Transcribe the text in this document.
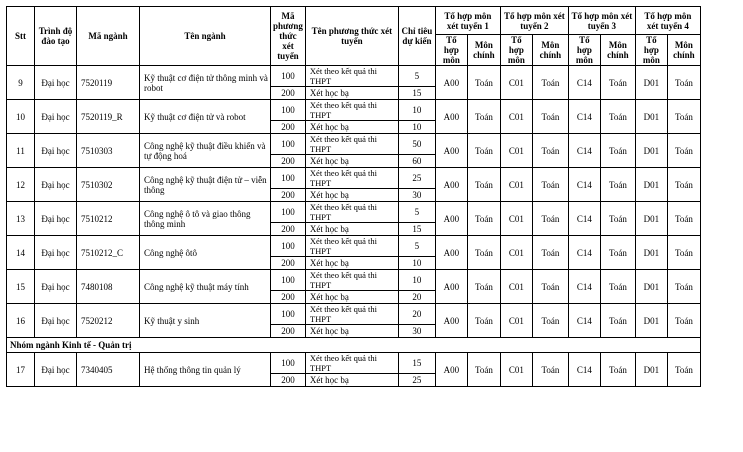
Stt	Trình độ đào tạo	Mã ngành	Tên ngành	Mã phương thức xét tuyển	Tên phương thức xét tuyển	Chỉ tiêu dự kiến	Tổ hợp môn xét tuyển 1		Tổ hợp môn xét tuyển 2		Tổ hợp môn xét tuyển 3		Tổ hợp môn xét tuyển 4	
							Tổ hợp môn	Môn chính	Tổ hợp môn	Môn chính	Tổ hợp môn	Môn chính	Tổ hợp môn	Môn chính
9	Đại học	7520119	Kỹ thuật cơ điện tử thông minh và robot	100	Xét theo kết quả thi THPT	5	A00	Toán	C01	Toán	C14	Toán	D01	Toán
				200	Xét học bạ	15								
10	Đại học	7520119_R	Kỹ thuật cơ điện tử và robot	100	Xét theo kết quả thi THPT	10	A00	Toán	C01	Toán	C14	Toán	D01	Toán
				200	Xét học bạ	10								
11	Đại học	7510303	Công nghệ kỹ thuật điều khiển và tự động hoá	100	Xét theo kết quả thi THPT	50	A00	Toán	C01	Toán	C14	Toán	D01	Toán
				200	Xét học bạ	60								
12	Đại học	7510302	Công nghệ kỹ thuật điện tử – viễn thông	100	Xét theo kết quả thi THPT	25	A00	Toán	C01	Toán	C14	Toán	D01	Toán
				200	Xét học bạ	30								
13	Đại học	7510212	Công nghệ ô tô và giao thông thông minh	100	Xét theo kết quả thi THPT	5	A00	Toán	C01	Toán	C14	Toán	D01	Toán
				200	Xét học bạ	15								
14	Đại học	7510212_C	Công nghệ ôtô	100	Xét theo kết quả thi THPT	5	A00	Toán	C01	Toán	C14	Toán	D01	Toán
				200	Xét học bạ	10								
15	Đại học	7480108	Công nghệ kỹ thuật máy tính	100	Xét theo kết quả thi THPT	10	A00	Toán	C01	Toán	C14	Toán	D01	Toán
				200	Xét học bạ	20								
16	Đại học	7520212	Kỹ thuật y sinh	100	Xét theo kết quả thi THPT	20	A00	Toán	C01	Toán	C14	Toán	D01	Toán
				200	Xét học bạ	30								
Nhóm ngành Kinh tế - Quản trị														
17	Đại học	7340405	Hệ thống thông tin quản lý	100	Xét theo kết quả thi THPT	15	A00	Toán	C01	Toán	C14	Toán	D01	Toán
				200	Xét học bạ	25								
